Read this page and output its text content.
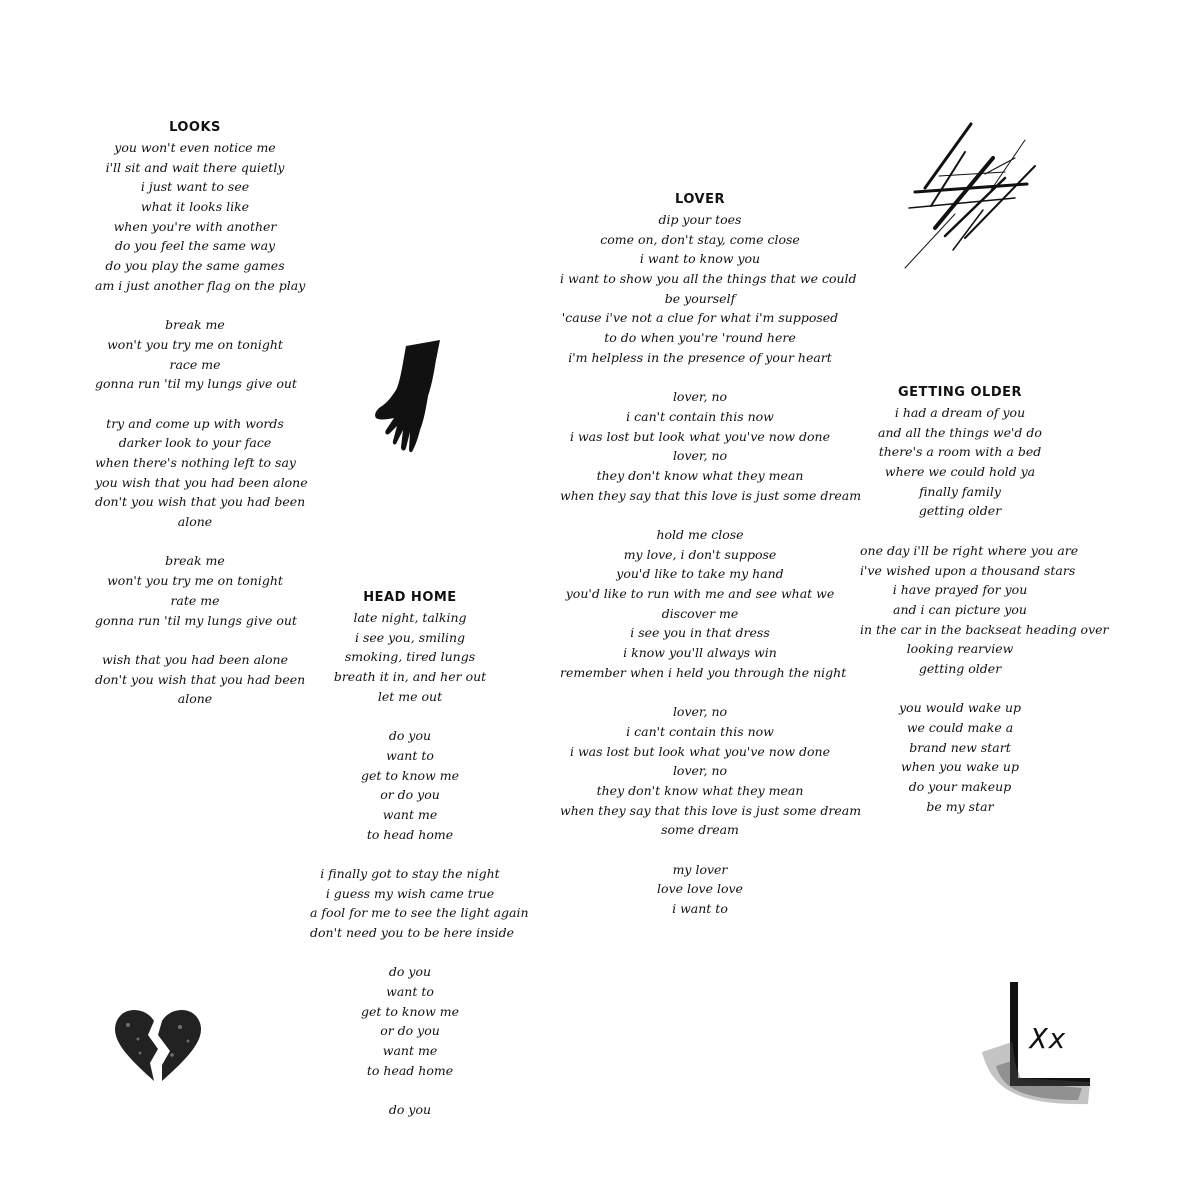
LOOKS
you won't even notice me
i'll sit and wait there quietly
i just want to see
what it looks like
when you're with another
do you feel the same way
do you play the same games
am i just another flag on the play
break me
won't you try me on tonight
race me
gonna run 'til my lungs give out
try and come up with words
darker look to your face
when there's nothing left to say
you wish that you had been alone
don't you wish that you had been
alone
break me
won't you try me on tonight
rate me
gonna run 'til my lungs give out
wish that you had been alone
don't you wish that you had been
alone
LOVER
dip your toes
come on, don't stay, come close
i want to know you
i want to show you all the things that we could
be yourself
'cause i've not a clue for what i'm supposed
to do when you're 'round here
i'm helpless in the presence of your heart
lover, no
i can't contain this now
i was lost but look what you've now done
lover, no
they don't know what they mean
when they say that this love is just some dream
hold me close
my love, i don't suppose
you'd like to take my hand
you'd like to run with me and see what we
discover me
i see you in that dress
i know you'll always win
remember when i held you through the night
lover, no
i can't contain this now
i was lost but look what you've now done
lover, no
they don't know what they mean
when they say that this love is just some dream
some dream
my lover
love love love
i want to
HEAD HOME
late night, talking
i see you, smiling
smoking, tired lungs
breath it in, and her out
let me out
do you
want to
get to know me
or do you
want me
to head home
i finally got to stay the night
i guess my wish came true
a fool for me to see the light again
don't need you to be here inside
do you
want to
get to know me
or do you
want me
to head home
do you
GETTING OLDER
i had a dream of you
and all the things we'd do
there's a room with a bed
where we could hold ya
finally family
getting older
one day i'll be right where you are
i've wished upon a thousand stars
i have prayed for you
and i can picture you
in the car in the backseat heading over
looking rearview
getting older
you would wake up
we could make a
brand new start
when you wake up
do your makeup
be my star
Xx
